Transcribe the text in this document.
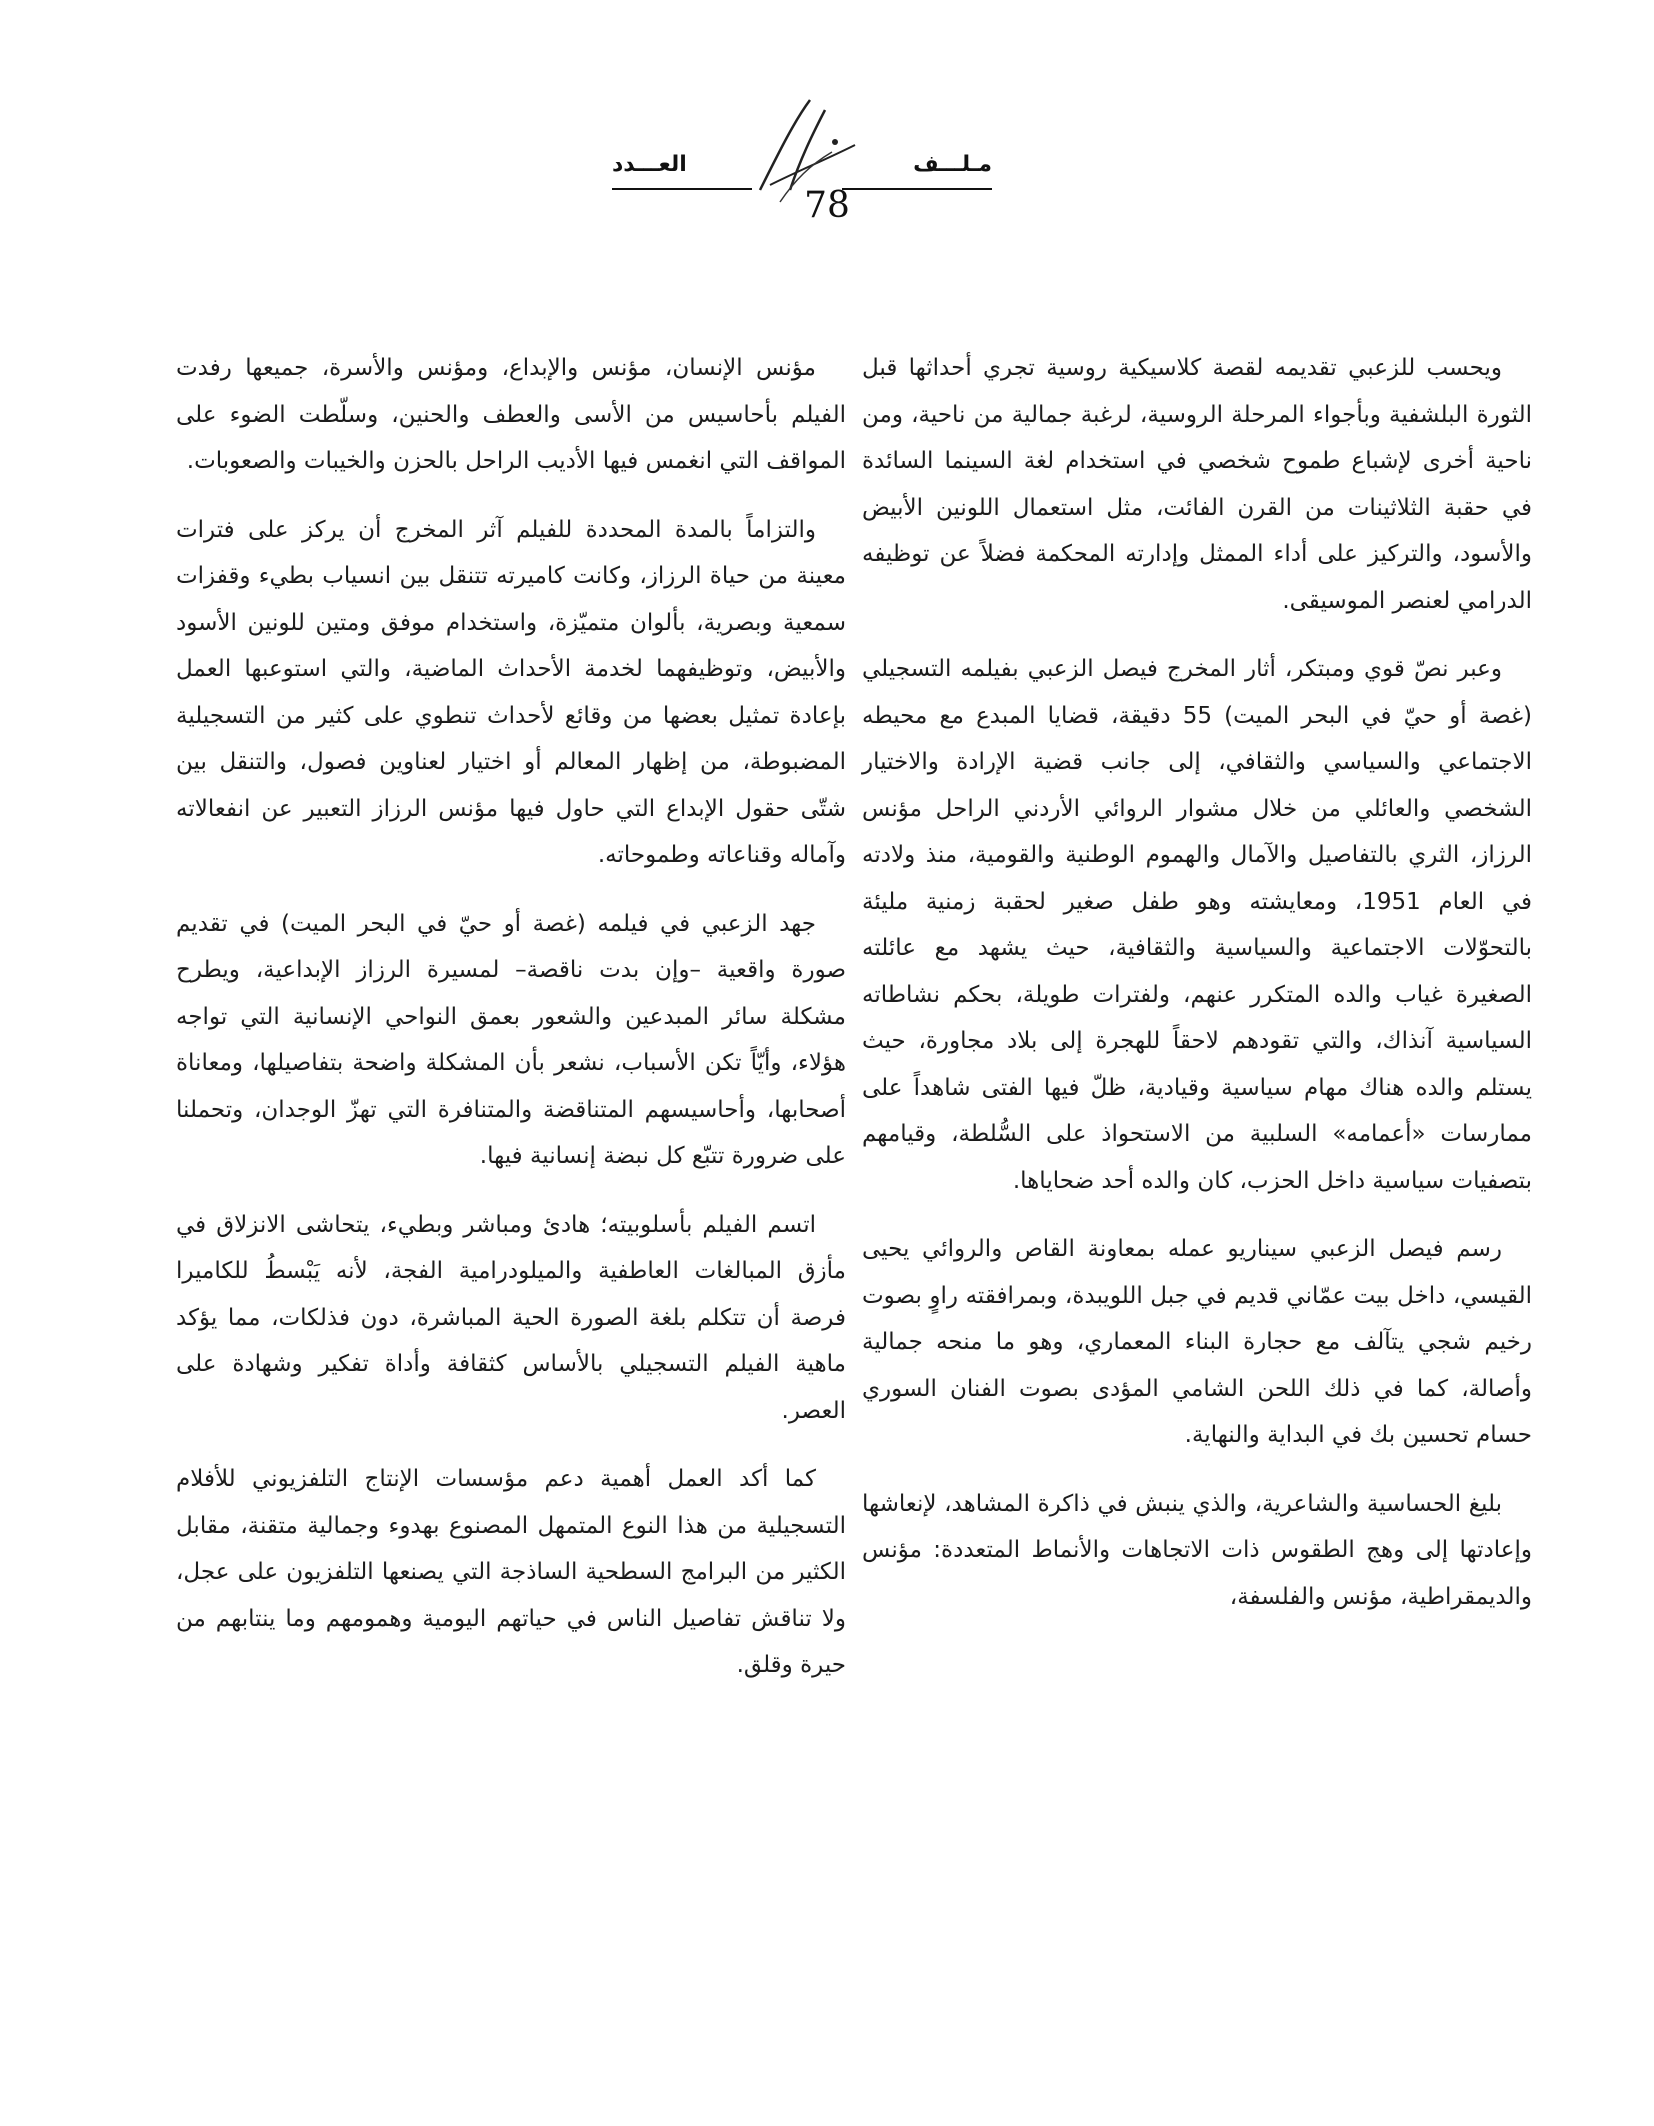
العـــدد	مـلـــف
78

ويحسب للزعبي تقديمه لقصة كلاسيكية روسية تجري أحداثها قبل الثورة البلشفية وبأجواء المرحلة الروسية، لرغبة جمالية من ناحية، ومن ناحية أخرى لإشباع طموح شخصي في استخدام لغة السينما السائدة في حقبة الثلاثينات من القرن الفائت، مثل استعمال اللونين الأبيض والأسود، والتركيز على أداء الممثل وإدارته المحكمة فضلاً عن توظيفه الدرامي لعنصر الموسيقى.

وعبر نصّ قوي ومبتكر، أثار المخرج فيصل الزعبي بفيلمه التسجيلي (غصة أو حيّ في البحر الميت) 55 دقيقة، قضايا المبدع مع محيطه الاجتماعي والسياسي والثقافي، إلى جانب قضية الإرادة والاختيار الشخصي والعائلي من خلال مشوار الروائي الأردني الراحل مؤنس الرزاز، الثري بالتفاصيل والآمال والهموم الوطنية والقومية، منذ ولادته في العام 1951، ومعايشته وهو طفل صغير لحقبة زمنية مليئة بالتحوّلات الاجتماعية والسياسية والثقافية، حيث يشهد مع عائلته الصغيرة غياب والده المتكرر عنهم، ولفترات طويلة، بحكم نشاطاته السياسية آنذاك، والتي تقودهم لاحقاً للهجرة إلى بلاد مجاورة، حيث يستلم والده هناك مهام سياسية وقيادية، ظلّ فيها الفتى شاهداً على ممارسات «أعمامه» السلبية من الاستحواذ على السُّلطة، وقيامهم بتصفيات سياسية داخل الحزب، كان والده أحد ضحاياها.

رسم فيصل الزعبي سيناريو عمله بمعاونة القاص والروائي يحيى القيسي، داخل بيت عمّاني قديم في جبل اللويبدة، وبمرافقته راوٍ بصوت رخيم شجي يتآلف مع حجارة البناء المعماري، وهو ما منحه جمالية وأصالة، كما في ذلك اللحن الشامي المؤدى بصوت الفنان السوري حسام تحسين بك في البداية والنهاية.

بليغ الحساسية والشاعرية، والذي ينبش في ذاكرة المشاهد، لإنعاشها وإعادتها إلى وهج الطقوس ذات الاتجاهات والأنماط المتعددة: مؤنس والديمقراطية، مؤنس والفلسفة،

مؤنس الإنسان، مؤنس والإبداع، ومؤنس والأسرة، جميعها رفدت الفيلم بأحاسيس من الأسى والعطف والحنين، وسلّطت الضوء على المواقف التي انغمس فيها الأديب الراحل بالحزن والخيبات والصعوبات.

والتزاماً بالمدة المحددة للفيلم آثر المخرج أن يركز على فترات معينة من حياة الرزاز، وكانت كاميرته تتنقل بين انسياب بطيء وقفزات سمعية وبصرية، بألوان متميّزة، واستخدام موفق ومتين للونين الأسود والأبيض، وتوظيفهما لخدمة الأحداث الماضية، والتي استوعبها العمل بإعادة تمثيل بعضها من وقائع لأحداث تنطوي على كثير من التسجيلية المضبوطة، من إظهار المعالم أو اختيار لعناوين فصول، والتنقل بين شتّى حقول الإبداع التي حاول فيها مؤنس الرزاز التعبير عن انفعالاته وآماله وقناعاته وطموحاته.

جهد الزعبي في فيلمه (غصة أو حيّ في البحر الميت) في تقديم صورة واقعية –وإن بدت ناقصة– لمسيرة الرزاز الإبداعية، ويطرح مشكلة سائر المبدعين والشعور بعمق النواحي الإنسانية التي تواجه هؤلاء، وأيّاً تكن الأسباب، نشعر بأن المشكلة واضحة بتفاصيلها، ومعاناة أصحابها، وأحاسيسهم المتناقضة والمتنافرة التي تهزّ الوجدان، وتحملنا على ضرورة تتبّع كل نبضة إنسانية فيها.

اتسم الفيلم بأسلوبيته؛ هادئ ومباشر وبطيء، يتحاشى الانزلاق في مأزق المبالغات العاطفية والميلودرامية الفجة، لأنه يَبْسطُ للكاميرا فرصة أن تتكلم بلغة الصورة الحية المباشرة، دون فذلكات، مما يؤكد ماهية الفيلم التسجيلي بالأساس كثقافة وأداة تفكير وشهادة على العصر.

كما أكد العمل أهمية دعم مؤسسات الإنتاج التلفزيوني للأفلام التسجيلية من هذا النوع المتمهل المصنوع بهدوء وجمالية متقنة، مقابل الكثير من البرامج السطحية الساذجة التي يصنعها التلفزيون على عجل، ولا تناقش تفاصيل الناس في حياتهم اليومية وهمومهم وما ينتابهم من حيرة وقلق.
